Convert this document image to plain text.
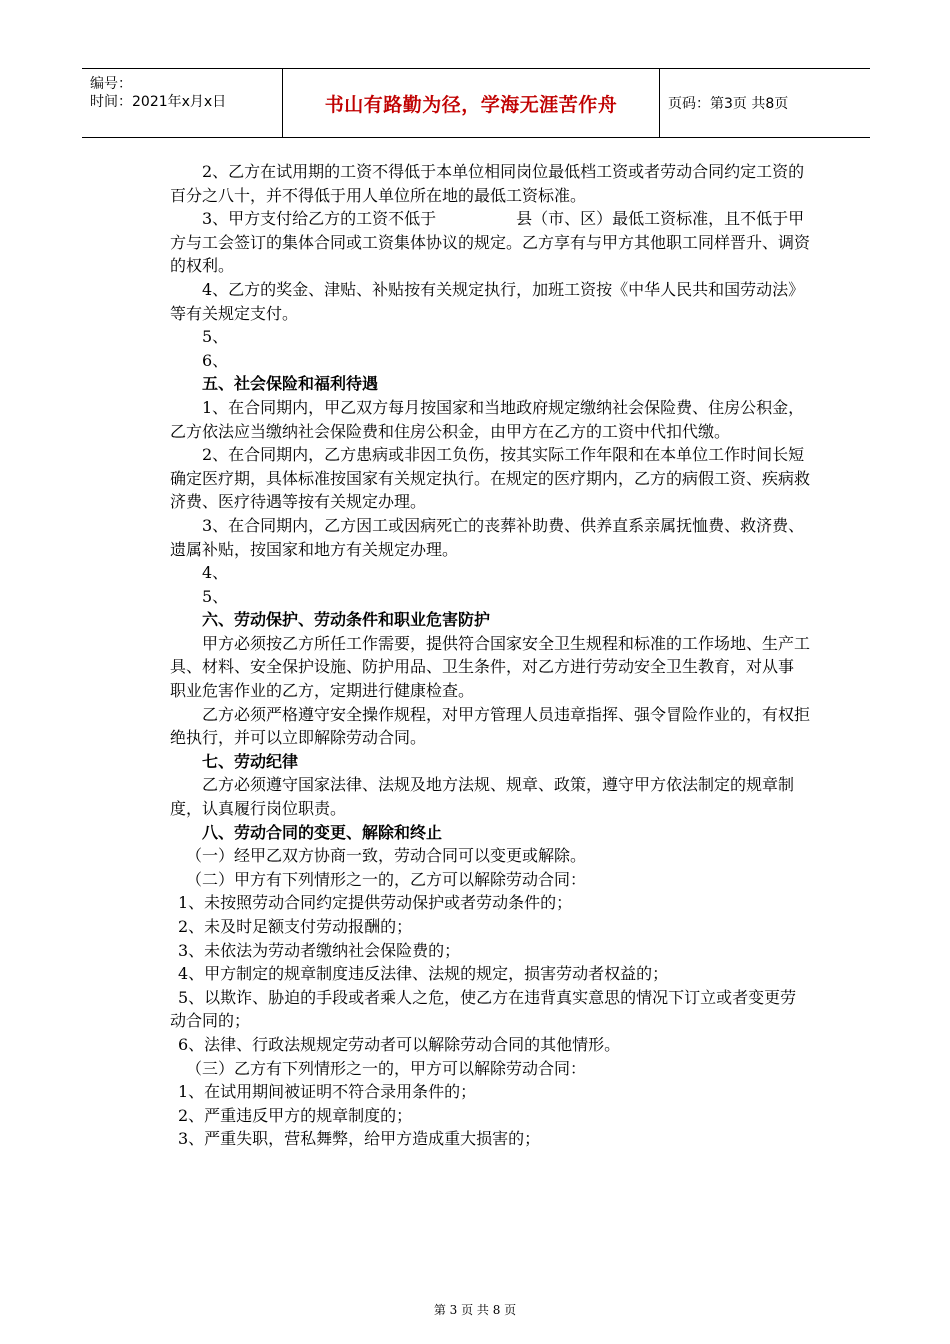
编号：
时间：2021年x月x日	书山有路勤为径，学海无涯苦作舟	页码：第3页 共8页

2、乙方在试用期的工资不得低于本单位相同岗位最低档工资或者劳动合同约定工资的百分之八十，并不得低于用人单位所在地的最低工资标准。

3、甲方支付给乙方的工资不低于　　　　　县（市、区）最低工资标准，且不低于甲方与工会签订的集体合同或工资集体协议的规定。乙方享有与甲方其他职工同样晋升、调资的权利。

4、乙方的奖金、津贴、补贴按有关规定执行，加班工资按《中华人民共和国劳动法》等有关规定支付。

5、

6、

五、社会保险和福利待遇

1、在合同期内，甲乙双方每月按国家和当地政府规定缴纳社会保险费、住房公积金，乙方依法应当缴纳社会保险费和住房公积金，由甲方在乙方的工资中代扣代缴。

2、在合同期内，乙方患病或非因工负伤，按其实际工作年限和在本单位工作时间长短确定医疗期，具体标准按国家有关规定执行。在规定的医疗期内，乙方的病假工资、疾病救济费、医疗待遇等按有关规定办理。

3、在合同期内，乙方因工或因病死亡的丧葬补助费、供养直系亲属抚恤费、救济费、遗属补贴，按国家和地方有关规定办理。

4、

5、

六、劳动保护、劳动条件和职业危害防护

甲方必须按乙方所任工作需要，提供符合国家安全卫生规程和标准的工作场地、生产工具、材料、安全保护设施、防护用品、卫生条件，对乙方进行劳动安全卫生教育，对从事　　　　职业危害作业的乙方，定期进行健康检查。

乙方必须严格遵守安全操作规程，对甲方管理人员违章指挥、强令冒险作业的，有权拒绝执行，并可以立即解除劳动合同。

七、劳动纪律

乙方必须遵守国家法律、法规及地方法规、规章、政策，遵守甲方依法制定的规章制度，认真履行岗位职责。

八、劳动合同的变更、解除和终止

（一）经甲乙双方协商一致，劳动合同可以变更或解除。

（二）甲方有下列情形之一的，乙方可以解除劳动合同：

1、未按照劳动合同约定提供劳动保护或者劳动条件的；

2、未及时足额支付劳动报酬的；

3、未依法为劳动者缴纳社会保险费的；

4、甲方制定的规章制度违反法律、法规的规定，损害劳动者权益的；

5、以欺诈、胁迫的手段或者乘人之危，使乙方在违背真实意思的情况下订立或者变更劳动合同的；

6、法律、行政法规规定劳动者可以解除劳动合同的其他情形。

（三）乙方有下列情形之一的，甲方可以解除劳动合同：

1、在试用期间被证明不符合录用条件的；

2、严重违反甲方的规章制度的；

3、严重失职，营私舞弊，给甲方造成重大损害的；

第 3 页 共 8 页
